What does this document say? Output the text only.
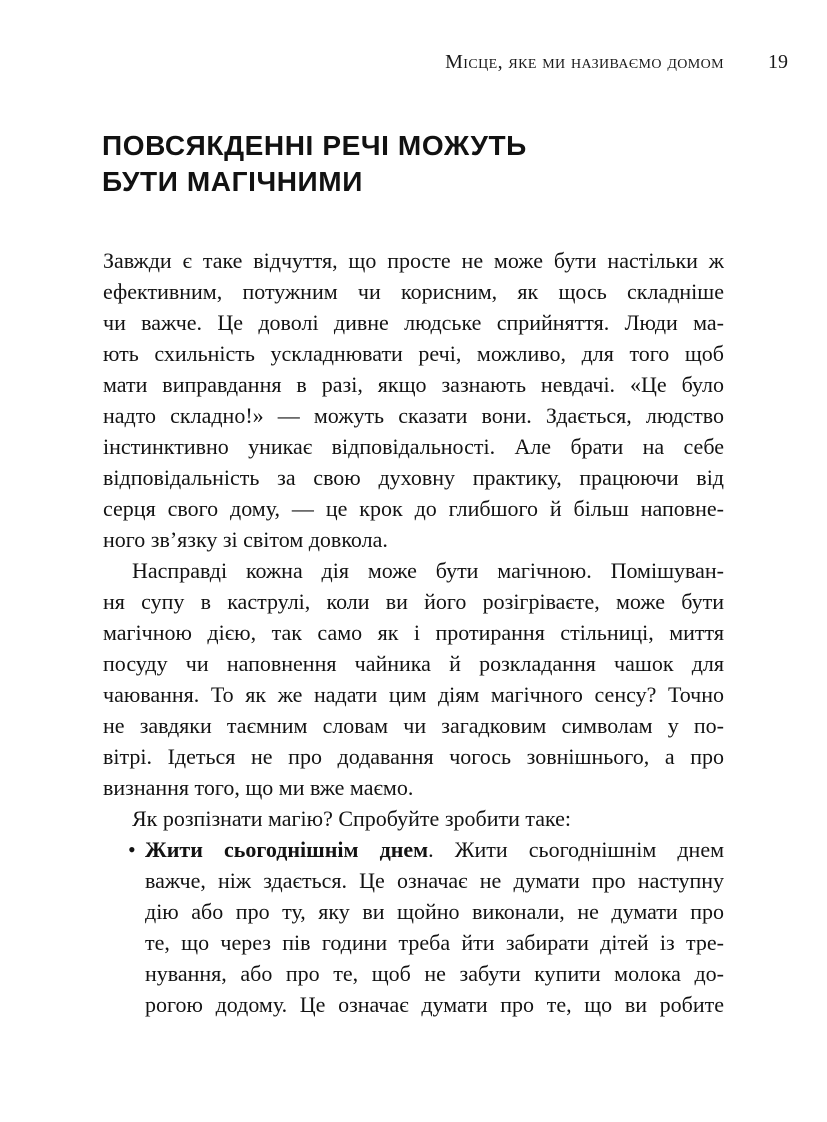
Місце, яке ми називаємо домом	19
ПОВСЯКДЕННІ РЕЧІ МОЖУТЬ
БУТИ МАГІЧНИМИ
Завжди є таке відчуття, що просте не може бути настільки ж
ефективним, потужним чи корисним, як щось складніше
чи важче. Це доволі дивне людське сприйняття. Люди ма-
ють схильність ускладнювати речі, можливо, для того щоб
мати виправдання в разі, якщо зазнають невдачі. «Це було
надто складно!» — можуть сказати вони. Здається, людство
інстинктивно уникає відповідальності. Але брати на себе
відповідальність за свою духовну практику, працюючи від
серця свого дому, — це крок до глибшого й більш наповне-
ного зв’язку зі світом довкола.
Насправді кожна дія може бути магічною. Помішуван-
ня супу в каструлі, коли ви його розігріваєте, може бути
магічною дією, так само як і протирання стільниці, миття
посуду чи наповнення чайника й розкладання чашок для
чаювання. То як же надати цим діям магічного сенсу? Точно
не завдяки таємним словам чи загадковим символам у по-
вітрі. Ідеться не про додавання чогось зовнішнього, а про
визнання того, що ми вже маємо.
Як розпізнати магію? Спробуйте зробити таке:
• Жити сьогоднішнім днем. Жити сьогоднішнім днем
важче, ніж здається. Це означає не думати про наступну
дію або про ту, яку ви щойно виконали, не думати про
те, що через пів години треба йти забирати дітей із тре-
нування, або про те, щоб не забути купити молока до-
рогою додому. Це означає думати про те, що ви робите
